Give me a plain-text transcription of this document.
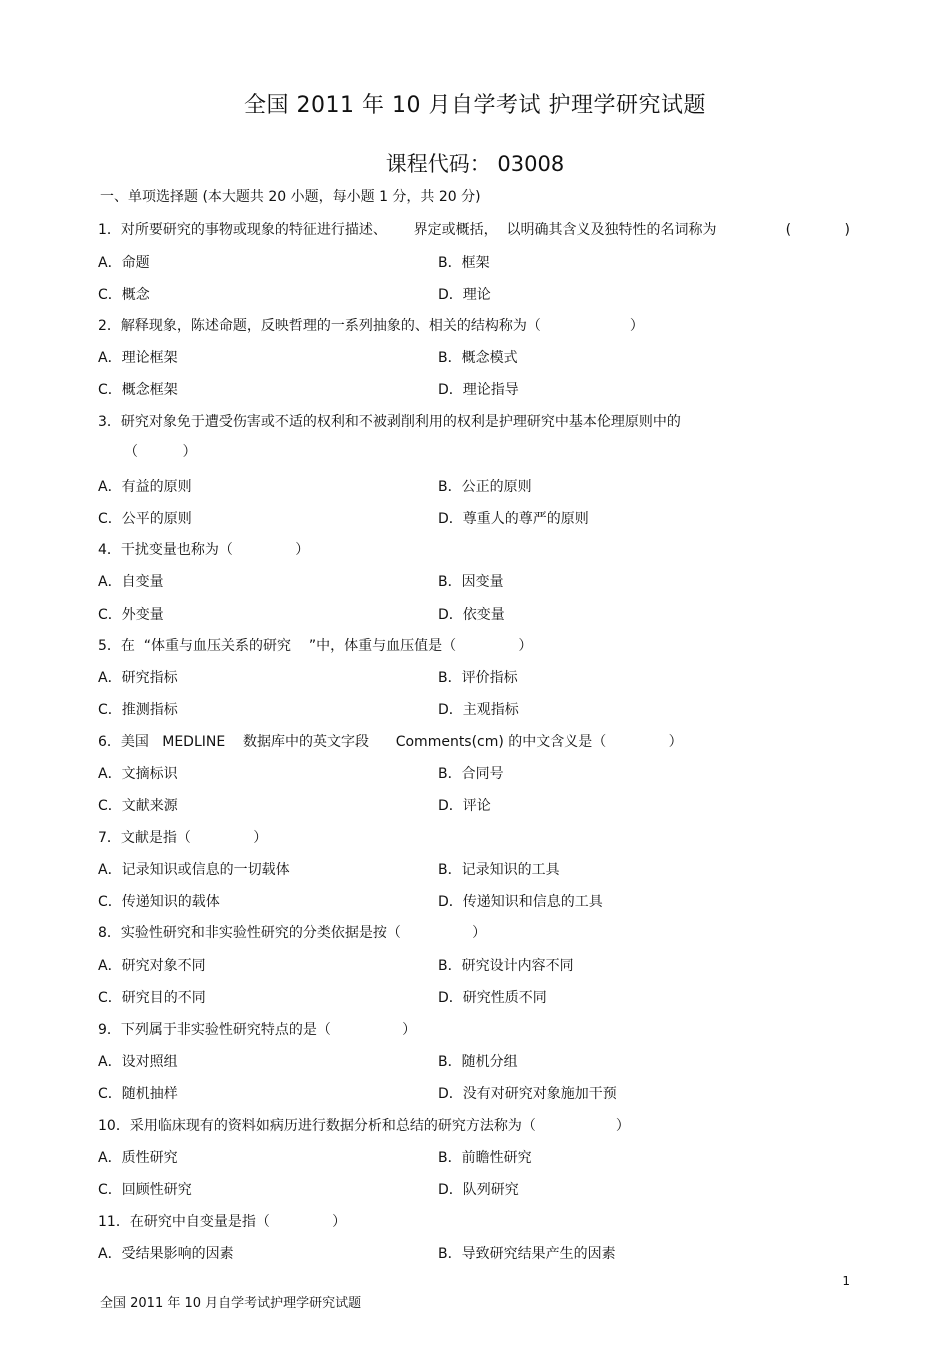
全国 2011 年 10 月自学考试 护理学研究试题
课程代码： 03008
一、单项选择题 (本大题共 20 小题，每小题 1 分，共 20 分)
1．对所要研究的事物或现象的特征进行描述、      界定或概括，  以明确其含义及独特性的名词称为	(            )
A．命题	B．框架
C．概念	D．理论
2．解释现象，陈述命题，反映哲理的一系列抽象的、相关的结构称为（                    ）
A．理论框架	B．概念模式
C．概念框架	D．理论指导
3．研究对象免于遭受伤害或不适的权利和不被剥削利用的权利是护理研究中基本伦理原则中的
（          ）
A．有益的原则	B．公正的原则
C．公平的原则	D．尊重人的尊严的原则
4．干扰变量也称为（              ）
A．自变量	B．因变量
C．外变量	D．依变量
5．在  “体重与血压关系的研究    ”中，体重与血压值是（              ）
A．研究指标	B．评价指标
C．推测指标	D．主观指标
6．美国   MEDLINE    数据库中的英文字段      Comments(cm) 的中文含义是（              ）
A．文摘标识	B．合同号
C．文献来源	D．评论
7．文献是指（              ）
A．记录知识或信息的一切载体	B．记录知识的工具
C．传递知识的载体	D．传递知识和信息的工具
8．实验性研究和非实验性研究的分类依据是按（                ）
A．研究对象不同	B．研究设计内容不同
C．研究目的不同	D．研究性质不同
9．下列属于非实验性研究特点的是（                ）
A．设对照组	B．随机分组
C．随机抽样	D．没有对研究对象施加干预
10．采用临床现有的资料如病历进行数据分析和总结的研究方法称为（                  ）
A．质性研究	B．前瞻性研究
C．回顾性研究	D．队列研究
11．在研究中自变量是指（              ）
A．受结果影响的因素	B．导致研究结果产生的因素
1
全国 2011 年 10 月自学考试护理学研究试题
